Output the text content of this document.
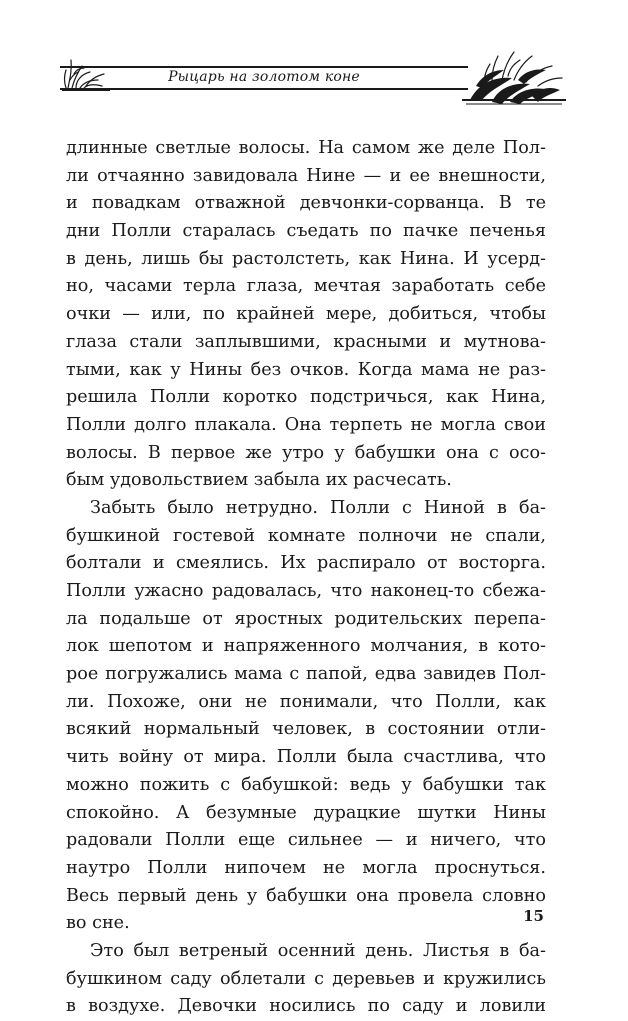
Рыцарь на золотом коне
длинные светлые волосы. На самом же деле Пол-
ли отчаянно завидовала Нине — и ее внешности,
и повадкам отважной девчонки-сорванца. В те
дни Полли старалась съедать по пачке печенья
в день, лишь бы растолстеть, как Нина. И усерд-
но, часами терла глаза, мечтая заработать себе
очки — или, по крайней мере, добиться, чтобы
глаза стали заплывшими, красными и мутнова-
тыми, как у Нины без очков. Когда мама не раз-
решила Полли коротко подстричься, как Нина,
Полли долго плакала. Она терпеть не могла свои
волосы. В первое же утро у бабушки она с осо-
бым удовольствием забыла их расчесать.
Забыть было нетрудно. Полли с Ниной в ба-
бушкиной гостевой комнате полночи не спали,
болтали и смеялись. Их распирало от восторга.
Полли ужасно радовалась, что наконец-то сбежа-
ла подальше от яростных родительских перепа-
лок шепотом и напряженного молчания, в кото-
рое погружались мама с папой, едва завидев Пол-
ли. Похоже, они не понимали, что Полли, как
всякий нормальный человек, в состоянии отли-
чить войну от мира. Полли была счастлива, что
можно пожить с бабушкой: ведь у бабушки так
спокойно. А безумные дурацкие шутки Нины
радовали Полли еще сильнее — и ничего, что
наутро Полли нипочем не могла проснуться.
Весь первый день у бабушки она провела словно
во сне.
Это был ветреный осенний день. Листья в ба-
бушкином саду облетали с деревьев и кружились
в воздухе. Девочки носились по саду и ловили
15
